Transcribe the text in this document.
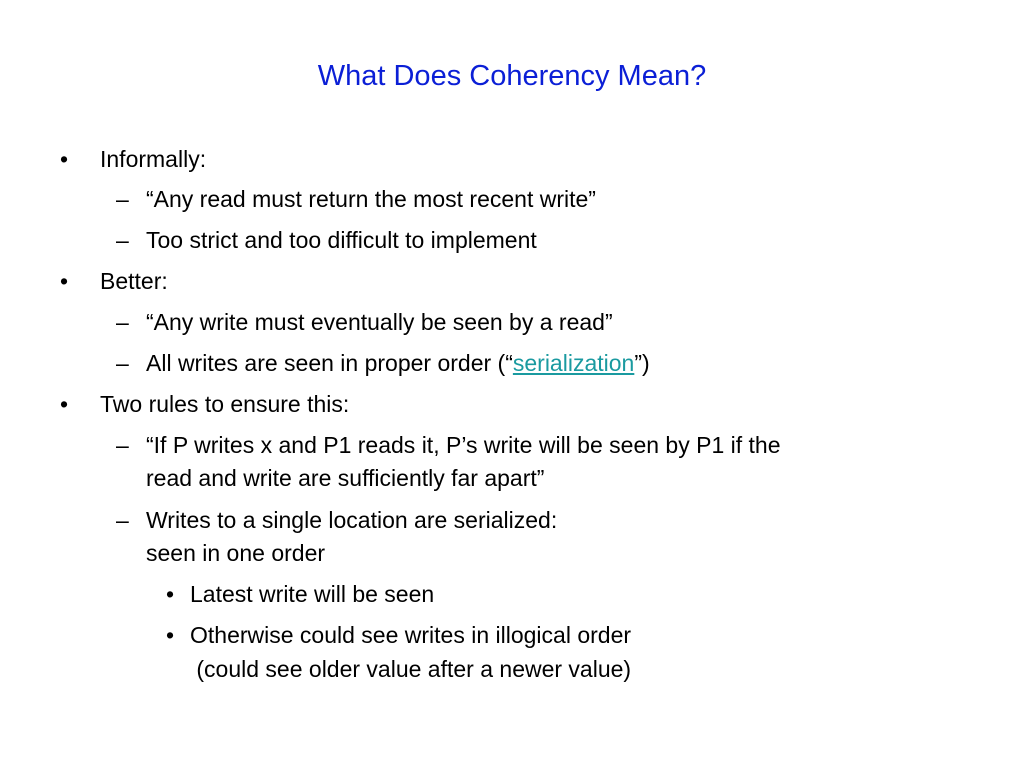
What Does Coherency Mean?
• Informally:
– “Any read must return the most recent write”
– Too strict and too difficult to implement
• Better:
– “Any write must eventually be seen by a read”
– All writes are seen in proper order (“serialization”)
• Two rules to ensure this:
– “If P writes x and P1 reads it, P’s write will be seen by P1 if the
read and write are sufficiently far apart”
– Writes to a single location are serialized:
seen in one order
• Latest write will be seen
• Otherwise could see writes in illogical order
(could see older value after a newer value)
